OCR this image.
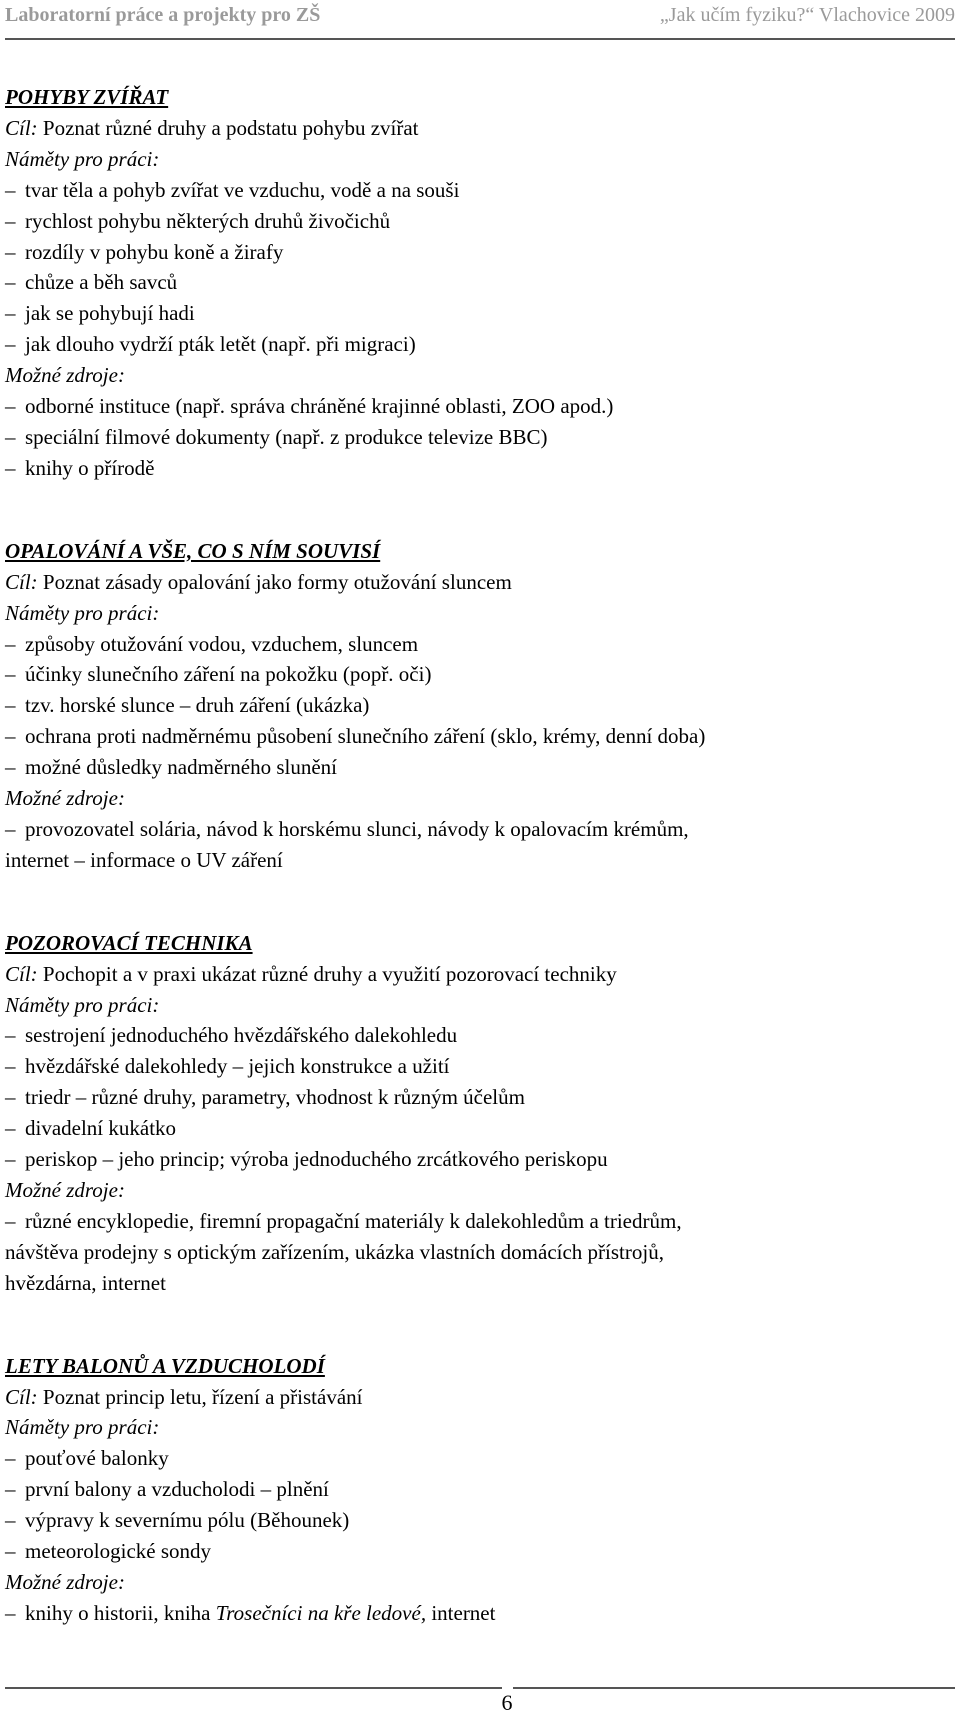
Laboratorní práce a projekty pro ZŠ	„Jak učím fyziku?“ Vlachovice 2009
POHYBY ZVÍŘAT
Cíl: Poznat různé druhy a podstatu pohybu zvířat
Náměty pro práci:
– tvar těla a pohyb zvířat ve vzduchu, vodě a na souši
– rychlost pohybu některých druhů živočichů
– rozdíly v pohybu koně a žirafy
– chůze a běh savců
– jak se pohybují hadi
– jak dlouho vydrží pták letět (např. při migraci)
Možné zdroje:
– odborné instituce (např. správa chráněné krajinné oblasti, ZOO apod.)
– speciální filmové dokumenty (např. z produkce televize BBC)
– knihy o přírodě
OPALOVÁNÍ A VŠE, CO S NÍM SOUVISÍ
Cíl: Poznat zásady opalování jako formy otužování sluncem
Náměty pro práci:
– způsoby otužování vodou, vzduchem, sluncem
– účinky slunečního záření na pokožku (popř. oči)
– tzv. horské slunce – druh záření (ukázka)
– ochrana proti nadměrnému působení slunečního záření (sklo, krémy, denní doba)
– možné důsledky nadměrného slunění
Možné zdroje:
– provozovatel solária, návod k horskému slunci, návody k opalovacím krémům,
internet – informace o UV záření
POZOROVACÍ TECHNIKA
Cíl: Pochopit a v praxi ukázat různé druhy a využití pozorovací techniky
Náměty pro práci:
– sestrojení jednoduchého hvězdářského dalekohledu
– hvězdářské dalekohledy – jejich konstrukce a užití
– triedr – různé druhy, parametry, vhodnost k různým účelům
– divadelní kukátko
– periskop – jeho princip; výroba jednoduchého zrcátkového periskopu
Možné zdroje:
– různé encyklopedie, firemní propagační materiály k dalekohledům a triedrům,
návštěva prodejny s optickým zařízením, ukázka vlastních domácích přístrojů,
hvězdárna, internet
LETY BALONŮ A VZDUCHOLODÍ
Cíl: Poznat princip letu, řízení a přistávání
Náměty pro práci:
– pouťové balonky
– první balony a vzducholodi – plnění
– výpravy k severnímu pólu (Běhounek)
– meteorologické sondy
Možné zdroje:
– knihy o historii, kniha Trosečníci na kře ledové, internet
6
